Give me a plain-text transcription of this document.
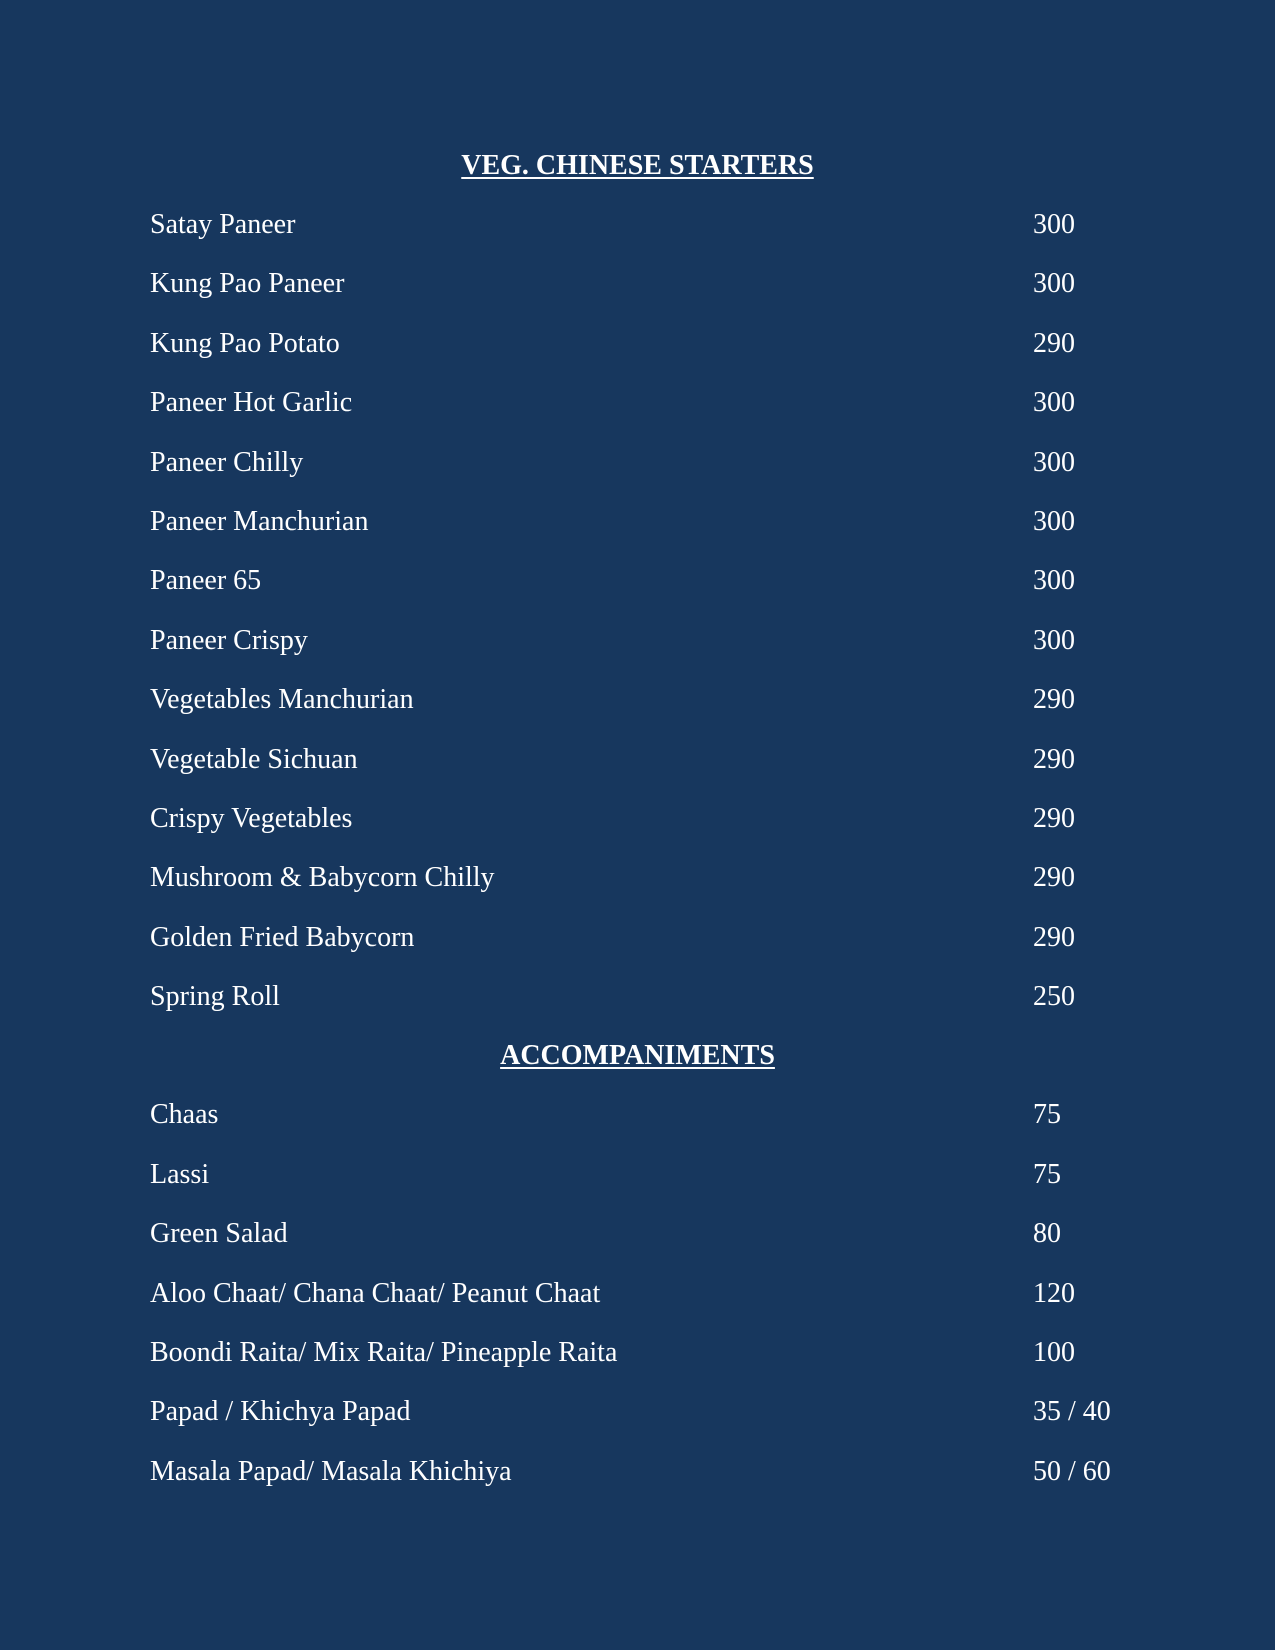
VEG. CHINESE STARTERS
Satay Paneer	300
Kung Pao Paneer	300
Kung Pao Potato	290
Paneer Hot Garlic	300
Paneer Chilly	300
Paneer Manchurian	300
Paneer 65	300
Paneer Crispy	300
Vegetables Manchurian	290
Vegetable Sichuan	290
Crispy Vegetables	290
Mushroom & Babycorn Chilly	290
Golden Fried Babycorn	290
Spring Roll	250
ACCOMPANIMENTS
Chaas	75
Lassi	75
Green Salad	80
Aloo Chaat/ Chana Chaat/ Peanut Chaat	120
Boondi Raita/ Mix Raita/ Pineapple Raita	100
Papad / Khichya Papad	35 / 40
Masala Papad/ Masala Khichiya	50 / 60
